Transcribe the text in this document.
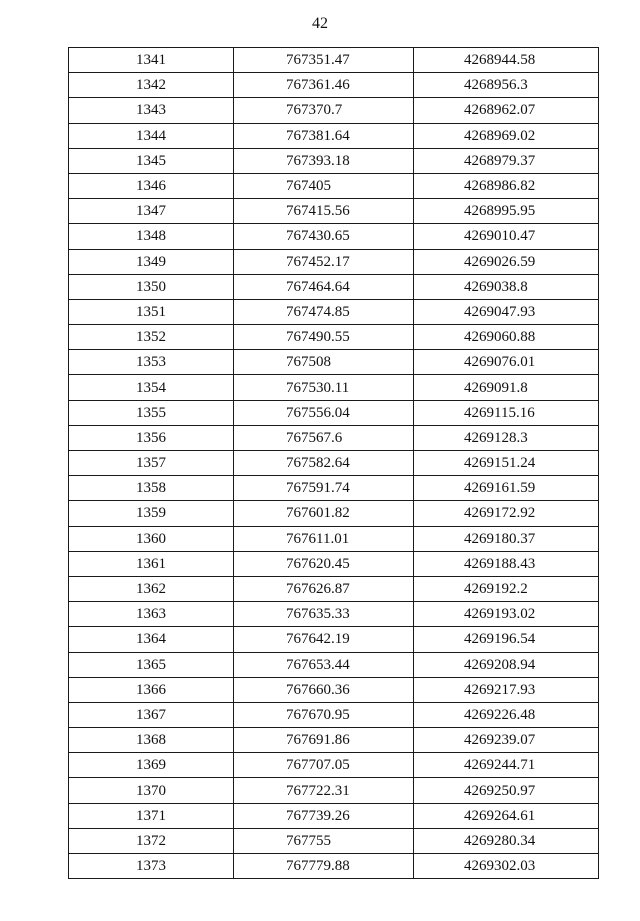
42
1341	767351.47	4268944.58
1342	767361.46	4268956.3
1343	767370.7	4268962.07
1344	767381.64	4268969.02
1345	767393.18	4268979.37
1346	767405	4268986.82
1347	767415.56	4268995.95
1348	767430.65	4269010.47
1349	767452.17	4269026.59
1350	767464.64	4269038.8
1351	767474.85	4269047.93
1352	767490.55	4269060.88
1353	767508	4269076.01
1354	767530.11	4269091.8
1355	767556.04	4269115.16
1356	767567.6	4269128.3
1357	767582.64	4269151.24
1358	767591.74	4269161.59
1359	767601.82	4269172.92
1360	767611.01	4269180.37
1361	767620.45	4269188.43
1362	767626.87	4269192.2
1363	767635.33	4269193.02
1364	767642.19	4269196.54
1365	767653.44	4269208.94
1366	767660.36	4269217.93
1367	767670.95	4269226.48
1368	767691.86	4269239.07
1369	767707.05	4269244.71
1370	767722.31	4269250.97
1371	767739.26	4269264.61
1372	767755	4269280.34
1373	767779.88	4269302.03
